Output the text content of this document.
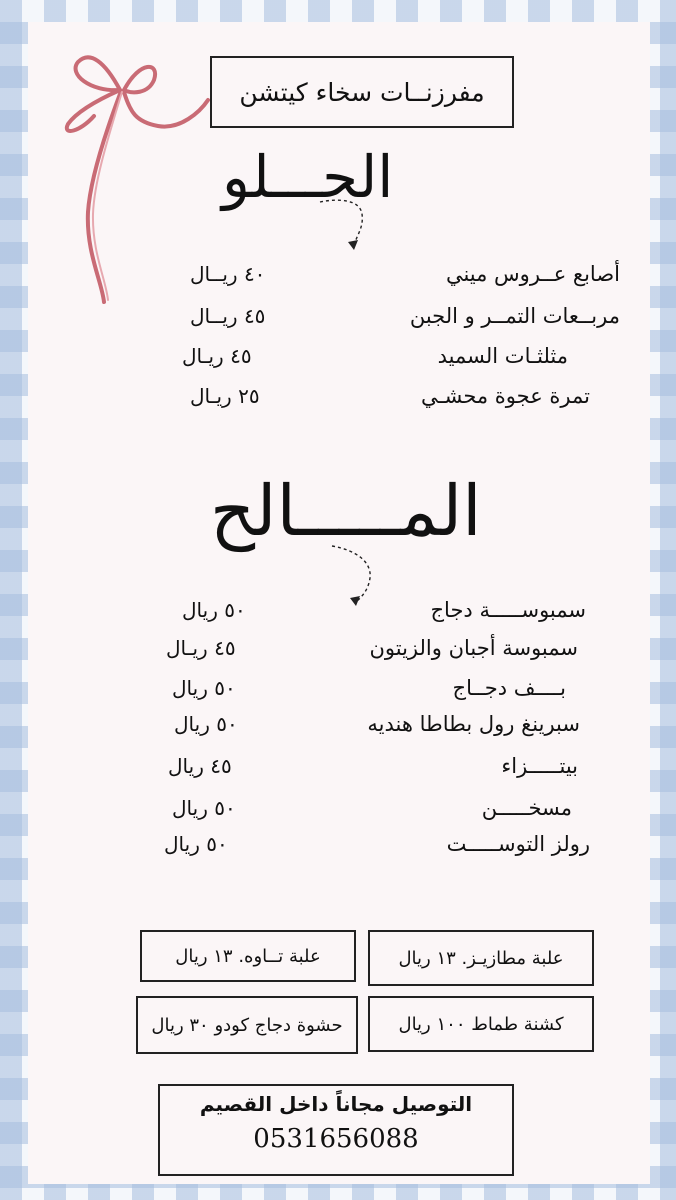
مفرزنــات سخاء كيتشن
الحـــلو
أصابع عــروس ميني
٤٠ ريــال
مربــعات التمــر و الجبن
٤٥ ريــال
مثلثـات السميد
٤٥ ريـال
تمرة عجوة محشـي
٢٥ ريـال
المـــــالح
سمبوســـــة دجاج
٥٠ ريال
سمبوسة أجبان والزيتون
٤٥ ريـال
بــــف دجــاج
٥٠ ريال
سبرينغ رول بطاطا هنديه
٥٠ ريال
بيتـــــزاء
٤٥ ريال
مسخـــــن
٥٠ ريال
رولز التوســـــت
٥٠ ريال
علبة مطازيـز. ١٣ ريال
علبة تــاوه. ١٣ ريال
كشنة طماط ١٠٠ ريال
حشوة دجاج كودو ٣٠ ريال
التوصيل مجاناً داخل القصيم
0531656088
